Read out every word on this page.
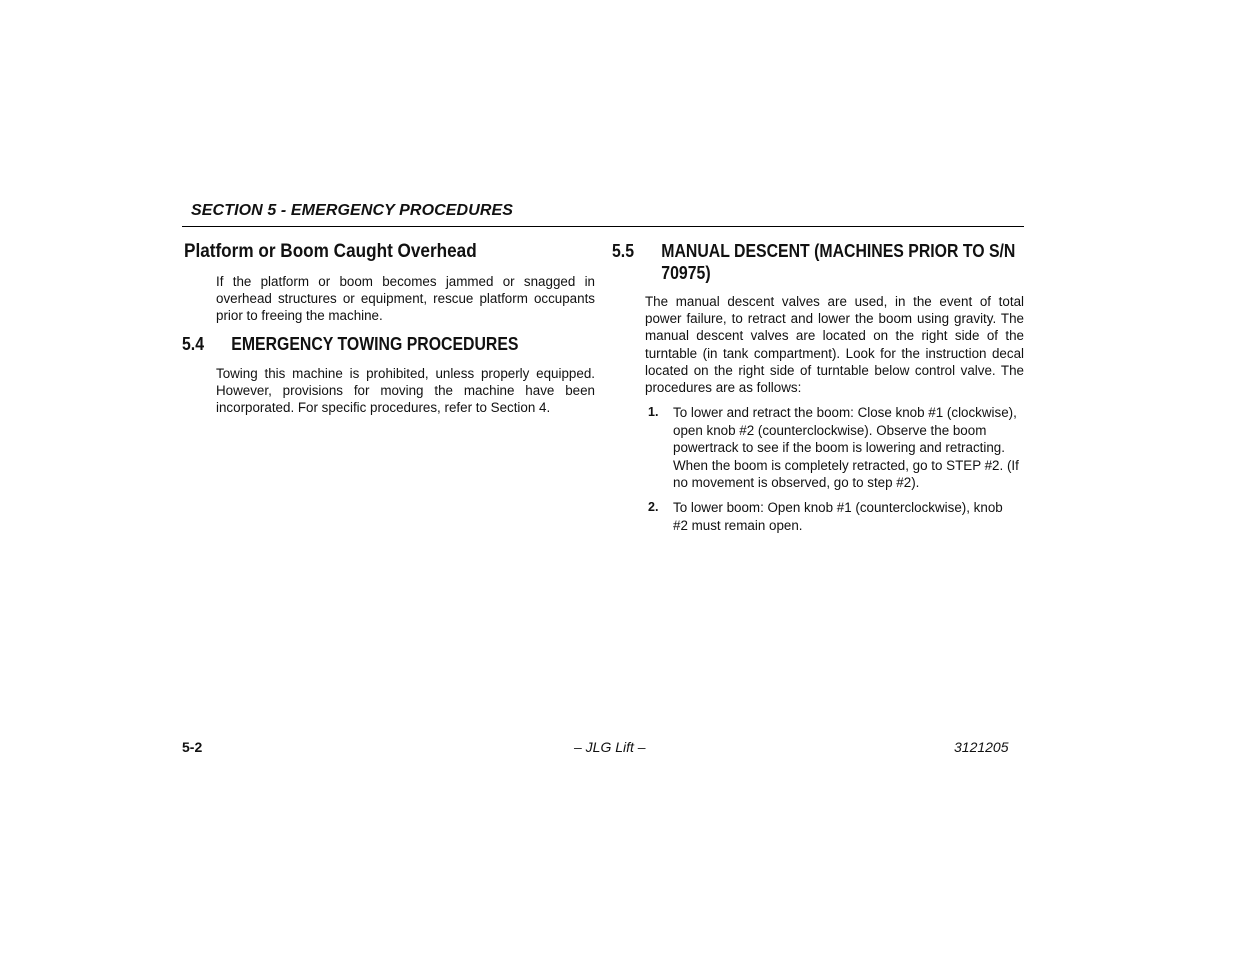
SECTION 5 - EMERGENCY PROCEDURES
Platform or Boom Caught Overhead
If the platform or boom becomes jammed or snagged in overhead structures or equipment, rescue platform occupants prior to freeing the machine.
5.4 EMERGENCY TOWING PROCEDURES
Towing this machine is prohibited, unless properly equipped. However, provisions for moving the machine have been incorporated. For specific procedures, refer to Section 4.
5.5 MANUAL DESCENT (MACHINES PRIOR TO S/N
70975)
The manual descent valves are used, in the event of total power failure, to retract and lower the boom using gravity. The manual descent valves are located on the right side of the turntable (in tank compartment). Look for the instruction decal located on the right side of turntable below control valve. The procedures are as follows:
1. To lower and retract the boom: Close knob #1 (clockwise), open knob #2 (counterclockwise). Observe the boom powertrack to see if the boom is lowering and retracting. When the boom is completely retracted, go to STEP #2. (If no movement is observed, go to step #2).
2. To lower boom: Open knob #1 (counterclockwise), knob #2 must remain open.
5-2	– JLG Lift –	3121205
